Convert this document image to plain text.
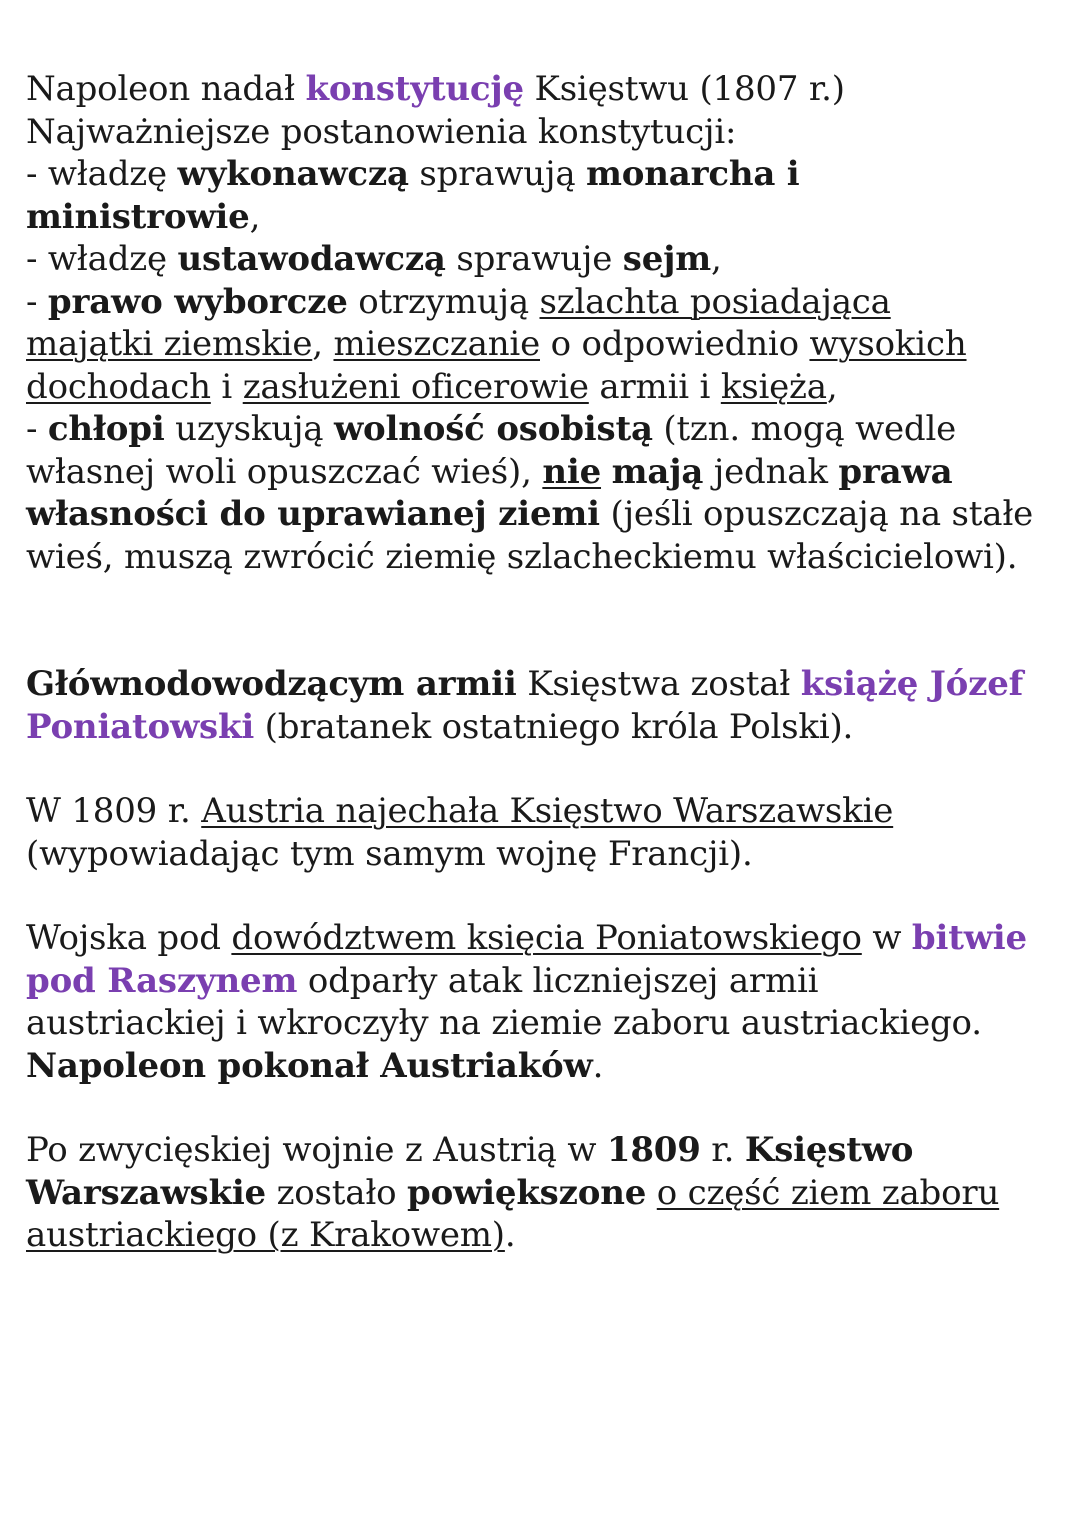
Napoleon nadał konstytucję Księstwu (1807 r.)
Najważniejsze postanowienia konstytucji:
- władzę wykonawczą sprawują monarcha i
ministrowie,
- władzę ustawodawczą sprawuje sejm,
- prawo wyborcze otrzymują szlachta posiadająca
majątki ziemskie, mieszczanie o odpowiednio wysokich
dochodach i zasłużeni oficerowie armii i księża,
- chłopi uzyskują wolność osobistą (tzn. mogą wedle
własnej woli opuszczać wieś), nie mają jednak prawa
własności do uprawianej ziemi (jeśli opuszczają na stałe
wieś, muszą zwrócić ziemię szlacheckiemu właścicielowi).
Głównodowodzącym armii Księstwa został książę Józef
Poniatowski (bratanek ostatniego króla Polski).
W 1809 r. Austria najechała Księstwo Warszawskie
(wypowiadając tym samym wojnę Francji).
Wojska pod dowództwem księcia Poniatowskiego w bitwie
pod Raszynem odparły atak liczniejszej armii
austriackiej i wkroczyły na ziemie zaboru austriackiego.
Napoleon pokonał Austriaków.
Po zwycięskiej wojnie z Austrią w 1809 r. Księstwo
Warszawskie zostało powiększone o część ziem zaboru
austriackiego (z Krakowem).
